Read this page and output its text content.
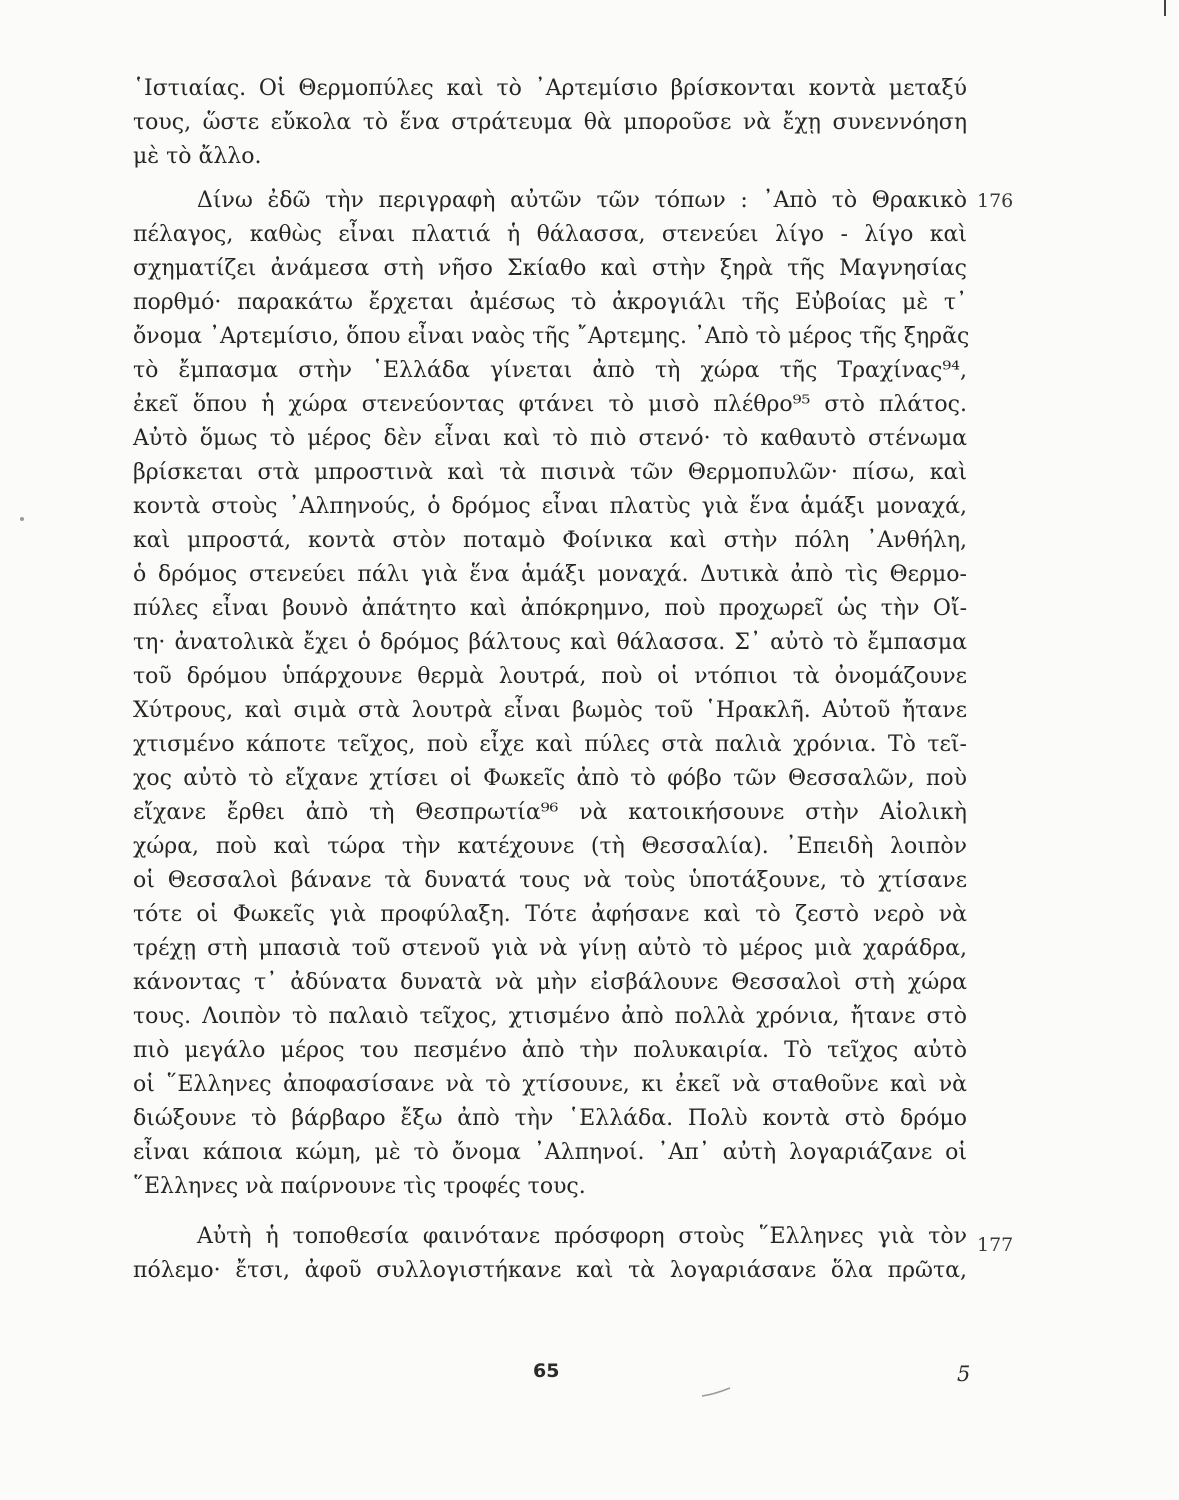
῾Ιστιαίας. Οἱ Θερμοπύλες καὶ τὸ ᾿Αρτεμίσιο βρίσκονται κοντὰ μεταξύ
τους, ὥστε εὔκολα τὸ ἕνα στράτευμα θὰ μποροῦσε νὰ ἔχῃ συνεννόηση
μὲ τὸ ἄλλο.
Δίνω ἐδῶ τὴν περιγραφὴ αὐτῶν τῶν τόπων : ᾿Απὸ τὸ Θρακικὸ
πέλαγος, καθὼς εἶναι πλατιά ἡ θάλασσα, στενεύει λίγο - λίγο καὶ
σχηματίζει ἀνάμεσα στὴ νῆσο Σκίαθο καὶ στὴν ξηρὰ τῆς Μαγνησίας
πορθμό· παρακάτω ἔρχεται ἀμέσως τὸ ἀκρογιάλι τῆς Εὐβοίας μὲ τ᾿
ὄνομα ᾿Αρτεμίσιο, ὅπου εἶναι ναὸς τῆς ῎Αρτεμης. ᾿Απὸ τὸ μέρος τῆς ξηρᾶς
τὸ ἔμπασμα στὴν ῾Ελλάδα γίνεται ἀπὸ τὴ χώρα τῆς Τραχίνας⁹⁴,
ἐκεῖ ὅπου ἡ χώρα στενεύοντας φτάνει τὸ μισὸ πλέθρο⁹⁵ στὸ πλάτος.
Αὐτὸ ὅμως τὸ μέρος δὲν εἶναι καὶ τὸ πιὸ στενό· τὸ καθαυτὸ στένωμα
βρίσκεται στὰ μπροστινὰ καὶ τὰ πισινὰ τῶν Θερμοπυλῶν· πίσω, καὶ
κοντὰ στοὺς ᾿Αλπηνούς, ὁ δρόμος εἶναι πλατὺς γιὰ ἕνα ἁμάξι μοναχά,
καὶ μπροστά, κοντὰ στὸν ποταμὸ Φοίνικα καὶ στὴν πόλη ᾿Ανθήλη,
ὁ δρόμος στενεύει πάλι γιὰ ἕνα ἁμάξι μοναχά. Δυτικὰ ἀπὸ τὶς Θερμο-
πύλες εἶναι βουνὸ ἀπάτητο καὶ ἀπόκρημνο, ποὺ προχωρεῖ ὡς τὴν Οἴ-
τη· ἀνατολικὰ ἔχει ὁ δρόμος βάλτους καὶ θάλασσα. Σ᾿ αὐτὸ τὸ ἔμπασμα
τοῦ δρόμου ὑπάρχουνε θερμὰ λουτρά, ποὺ οἱ ντόπιοι τὰ ὀνομάζουνε
Χύτρους, καὶ σιμὰ στὰ λουτρὰ εἶναι βωμὸς τοῦ ῾Ηρακλῆ. Αὐτοῦ ἤτανε
χτισμένο κάποτε τεῖχος, ποὺ εἶχε καὶ πύλες στὰ παλιὰ χρόνια. Τὸ τεῖ-
χος αὐτὸ τὸ εἴχανε χτίσει οἱ Φωκεῖς ἀπὸ τὸ φόβο τῶν Θεσσαλῶν, ποὺ
εἴχανε ἔρθει ἀπὸ τὴ Θεσπρωτία⁹⁶ νὰ κατοικήσουνε στὴν Αἰολικὴ
χώρα, ποὺ καὶ τώρα τὴν κατέχουνε (τὴ Θεσσαλία). ᾿Επειδὴ λοιπὸν
οἱ Θεσσαλοὶ βάνανε τὰ δυνατά τους νὰ τοὺς ὑποτάξουνε, τὸ χτίσανε
τότε οἱ Φωκεῖς γιὰ προφύλαξη. Τότε ἀφήσανε καὶ τὸ ζεστὸ νερὸ νὰ
τρέχῃ στὴ μπασιὰ τοῦ στενοῦ γιὰ νὰ γίνῃ αὐτὸ τὸ μέρος μιὰ χαράδρα,
κάνοντας τ᾿ ἀδύνατα δυνατὰ νὰ μὴν εἰσβάλουνε Θεσσαλοὶ στὴ χώρα
τους. Λοιπὸν τὸ παλαιὸ τεῖχος, χτισμένο ἀπὸ πολλὰ χρόνια, ἤτανε στὸ
πιὸ μεγάλο μέρος του πεσμένο ἀπὸ τὴν πολυκαιρία. Τὸ τεῖχος αὐτὸ
οἱ ῞Ελληνες ἀποφασίσανε νὰ τὸ χτίσουνε, κι ἐκεῖ νὰ σταθοῦνε καὶ νὰ
διώξουνε τὸ βάρβαρο ἔξω ἀπὸ τὴν ῾Ελλάδα. Πολὺ κοντὰ στὸ δρόμο
εἶναι κάποια κώμη, μὲ τὸ ὄνομα ᾿Αλπηνοί. ᾿Απ᾿ αὐτὴ λογαριάζανε οἱ
῞Ελληνες νὰ παίρνουνε τὶς τροφές τους.
Αὐτὴ ἡ τοποθεσία φαινότανε πρόσφορη στοὺς ῞Ελληνες γιὰ τὸν
πόλεμο· ἔτσι, ἀφοῦ συλλογιστήκανε καὶ τὰ λογαριάσανε ὅλα πρῶτα,
176
177
65	5
